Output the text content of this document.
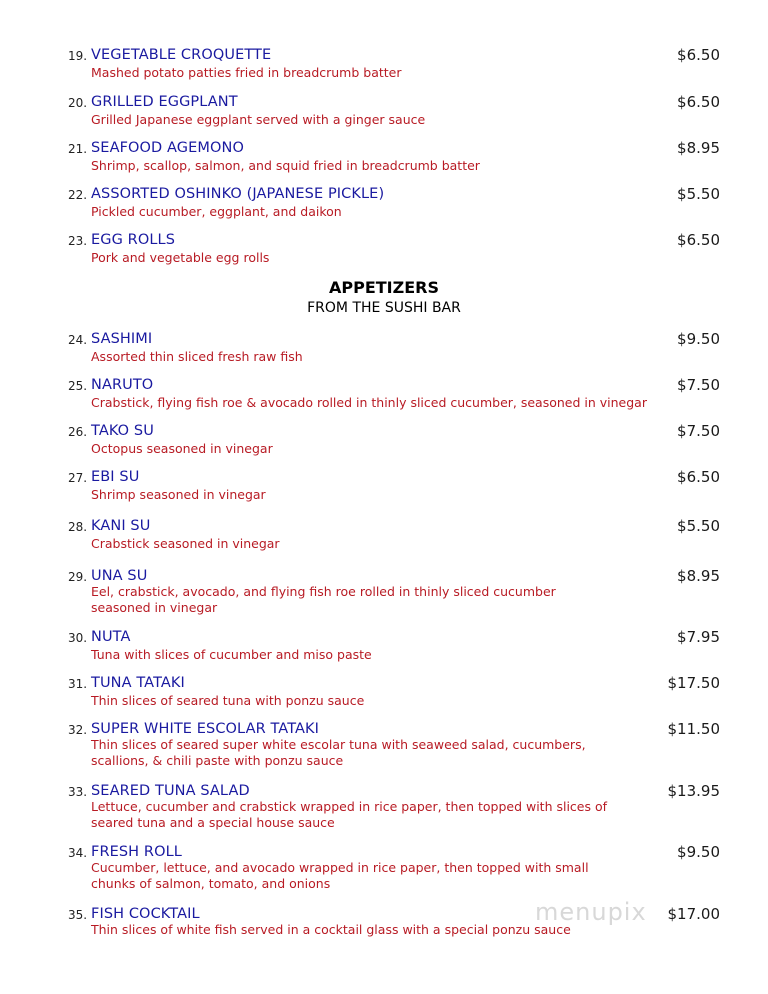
19. VEGETABLE CROQUETTE	$6.50
Mashed potato patties fried in breadcrumb batter
20. GRILLED EGGPLANT	$6.50
Grilled Japanese eggplant served with a ginger sauce
21. SEAFOOD AGEMONO	$8.95
Shrimp, scallop, salmon, and squid fried in breadcrumb batter
22. ASSORTED OSHINKO (JAPANESE PICKLE)	$5.50
Pickled cucumber, eggplant, and daikon
23. EGG ROLLS	$6.50
Pork and vegetable egg rolls
APPETIZERS
FROM THE SUSHI BAR
24. SASHIMI	$9.50
Assorted thin sliced fresh raw fish
25. NARUTO	$7.50
Crabstick, flying fish roe & avocado rolled in thinly sliced cucumber, seasoned in vinegar
26. TAKO SU	$7.50
Octopus seasoned in vinegar
27. EBI SU	$6.50
Shrimp seasoned in vinegar
28. KANI SU	$5.50
Crabstick seasoned in vinegar
29. UNA SU	$8.95
Eel, crabstick, avocado, and flying fish roe rolled in thinly sliced cucumber seasoned in vinegar
30. NUTA	$7.95
Tuna with slices of cucumber and miso paste
31. TUNA TATAKI	$17.50
Thin slices of seared tuna with ponzu sauce
32. SUPER WHITE ESCOLAR TATAKI	$11.50
Thin slices of seared super white escolar tuna with seaweed salad, cucumbers, scallions, & chili paste with ponzu sauce
33. SEARED TUNA SALAD	$13.95
Lettuce, cucumber and crabstick wrapped in rice paper, then topped with slices of seared tuna and a special house sauce
34. FRESH ROLL	$9.50
Cucumber, lettuce, and avocado wrapped in rice paper, then topped with small chunks of salmon, tomato, and onions
35. FISH COCKTAIL	$17.00
Thin slices of white fish served in a cocktail glass with a special ponzu sauce
menupix
